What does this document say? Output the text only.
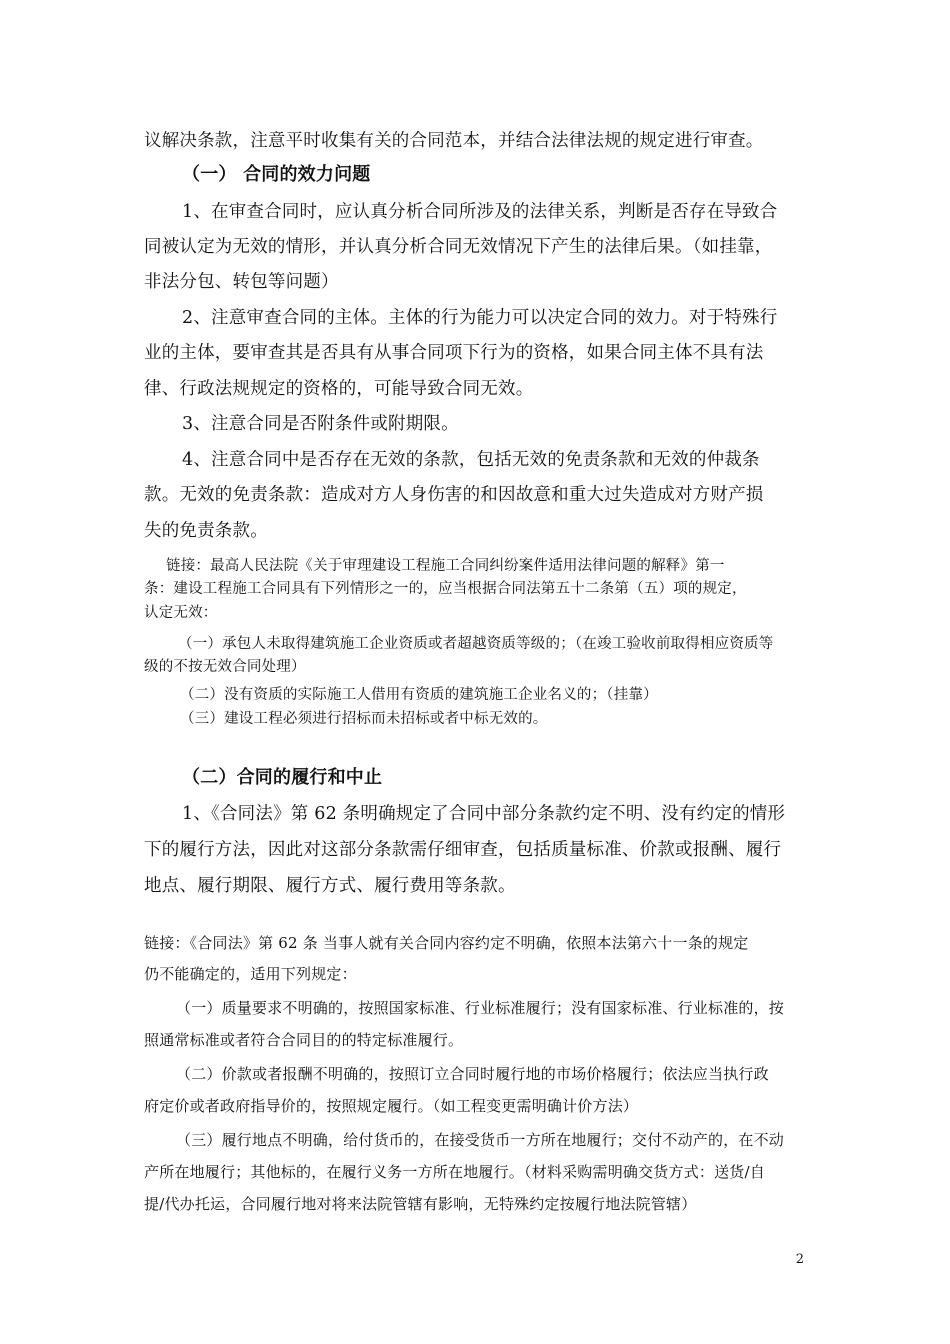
议解决条款，注意平时收集有关的合同范本，并结合法律法规的规定进行审查。
（一） 合同的效力问题
1、在审查合同时，应认真分析合同所涉及的法律关系，判断是否存在导致合
同被认定为无效的情形，并认真分析合同无效情况下产生的法律后果。（如挂靠，
非法分包、转包等问题）
2、注意审查合同的主体。主体的行为能力可以决定合同的效力。对于特殊行
业的主体，要审查其是否具有从事合同项下行为的资格，如果合同主体不具有法
律、行政法规规定的资格的，可能导致合同无效。
3、注意合同是否附条件或附期限。
4、注意合同中是否存在无效的条款，包括无效的免责条款和无效的仲裁条
款。无效的免责条款：造成对方人身伤害的和因故意和重大过失造成对方财产损
失的免责条款。
链接：最高人民法院《关于审理建设工程施工合同纠纷案件适用法律问题的解释》第一
条：建设工程施工合同具有下列情形之一的，应当根据合同法第五十二条第（五）项的规定，
认定无效：
（一）承包人未取得建筑施工企业资质或者超越资质等级的；（在竣工验收前取得相应资质等
级的不按无效合同处理）
（二）没有资质的实际施工人借用有资质的建筑施工企业名义的；（挂靠）
（三）建设工程必须进行招标而未招标或者中标无效的。
（二）合同的履行和中止
1、《合同法》第 62 条明确规定了合同中部分条款约定不明、没有约定的情形
下的履行方法，因此对这部分条款需仔细审查，包括质量标准、价款或报酬、履行
地点、履行期限、履行方式、履行费用等条款。
链接：《合同法》第 62 条 当事人就有关合同内容约定不明确，依照本法第六十一条的规定
仍不能确定的，适用下列规定：
（一）质量要求不明确的，按照国家标准、行业标准履行；没有国家标准、行业标准的，按
照通常标准或者符合合同目的的特定标准履行。
（二）价款或者报酬不明确的，按照订立合同时履行地的市场价格履行；依法应当执行政
府定价或者政府指导价的，按照规定履行。（如工程变更需明确计价方法）
（三）履行地点不明确，给付货币的，在接受货币一方所在地履行；交付不动产的，在不动
产所在地履行；其他标的，在履行义务一方所在地履行。（材料采购需明确交货方式：送货/自
提/代办托运，合同履行地对将来法院管辖有影响，无特殊约定按履行地法院管辖）
2
